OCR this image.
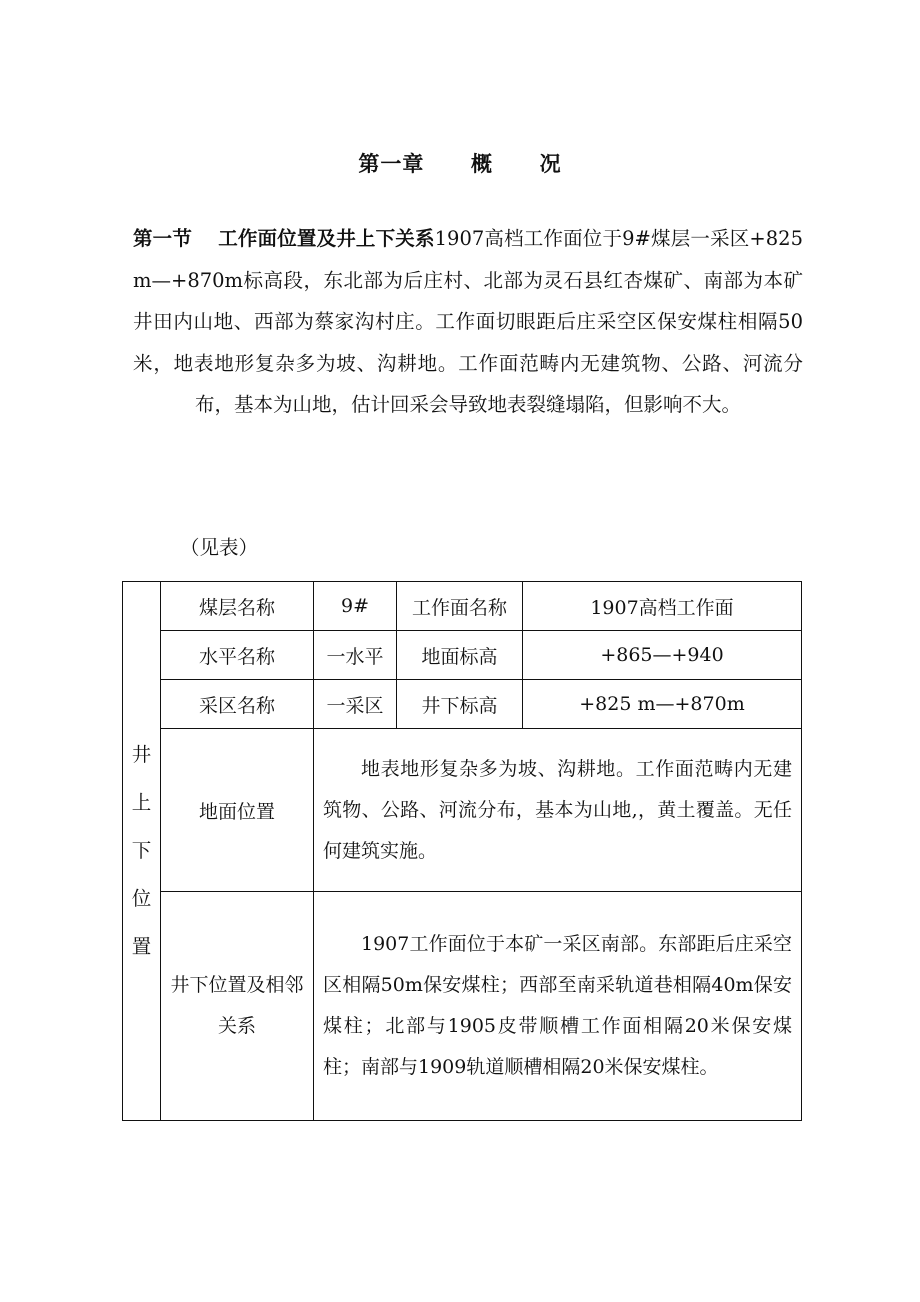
第一章 概 况
第一节 工作面位置及井上下关系1907高档工作面位于9#煤层一采区+825 m—+870m标高段，东北部为后庄村、北部为灵石县红杏煤矿、南部为本矿井田内山地、西部为蔡家沟村庄。工作面切眼距后庄采空区保安煤柱相隔50米，地表地形复杂多为坡、沟耕地。工作面范畴内无建筑物、公路、河流分布，基本为山地，估计回采会导致地表裂缝塌陷，但影响不大。
（见表）
井上下位置	煤层名称	9#	工作面名称	1907高档工作面
	水平名称	一水平	地面标高	+865—+940
	采区名称	一采区	井下标高	+825 m—+870m
	地面位置	地表地形复杂多为坡、沟耕地。工作面范畴内无建筑物、公路、河流分布，基本为山地,，黄土覆盖。无任何建筑实施。		
	井下位置及相邻关系	1907工作面位于本矿一采区南部。东部距后庄采空区相隔50m保安煤柱；西部至南采轨道巷相隔40m保安煤柱；北部与1905皮带顺槽工作面相隔20米保安煤柱；南部与1909轨道顺槽相隔20米保安煤柱。		
